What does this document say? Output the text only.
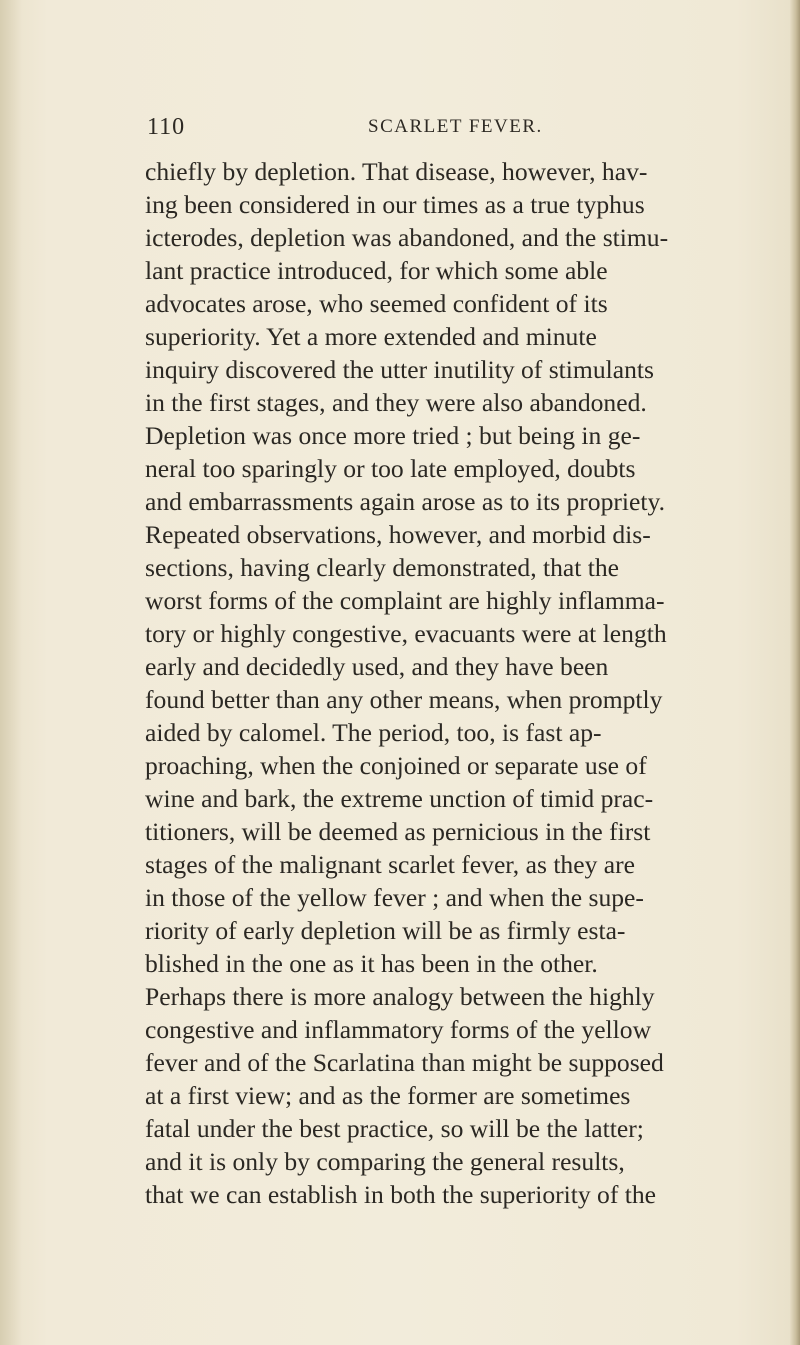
110	SCARLET FEVER.
chiefly by depletion. That disease, however, hav-
ing been considered in our times as a true typhus
icterodes, depletion was abandoned, and the stimu-
lant practice introduced, for which some able
advocates arose, who seemed confident of its
superiority. Yet a more extended and minute
inquiry discovered the utter inutility of stimulants
in the first stages, and they were also abandoned.
Depletion was once more tried ; but being in ge-
neral too sparingly or too late employed, doubts
and embarrassments again arose as to its propriety.
Repeated observations, however, and morbid dis-
sections, having clearly demonstrated, that the
worst forms of the complaint are highly inflamma-
tory or highly congestive, evacuants were at length
early and decidedly used, and they have been
found better than any other means, when promptly
aided by calomel. The period, too, is fast ap-
proaching, when the conjoined or separate use of
wine and bark, the extreme unction of timid prac-
titioners, will be deemed as pernicious in the first
stages of the malignant scarlet fever, as they are
in those of the yellow fever ; and when the supe-
riority of early depletion will be as firmly esta-
blished in the one as it has been in the other.
Perhaps there is more analogy between the highly
congestive and inflammatory forms of the yellow
fever and of the Scarlatina than might be supposed
at a first view; and as the former are sometimes
fatal under the best practice, so will be the latter;
and it is only by comparing the general results,
that we can establish in both the superiority of the
